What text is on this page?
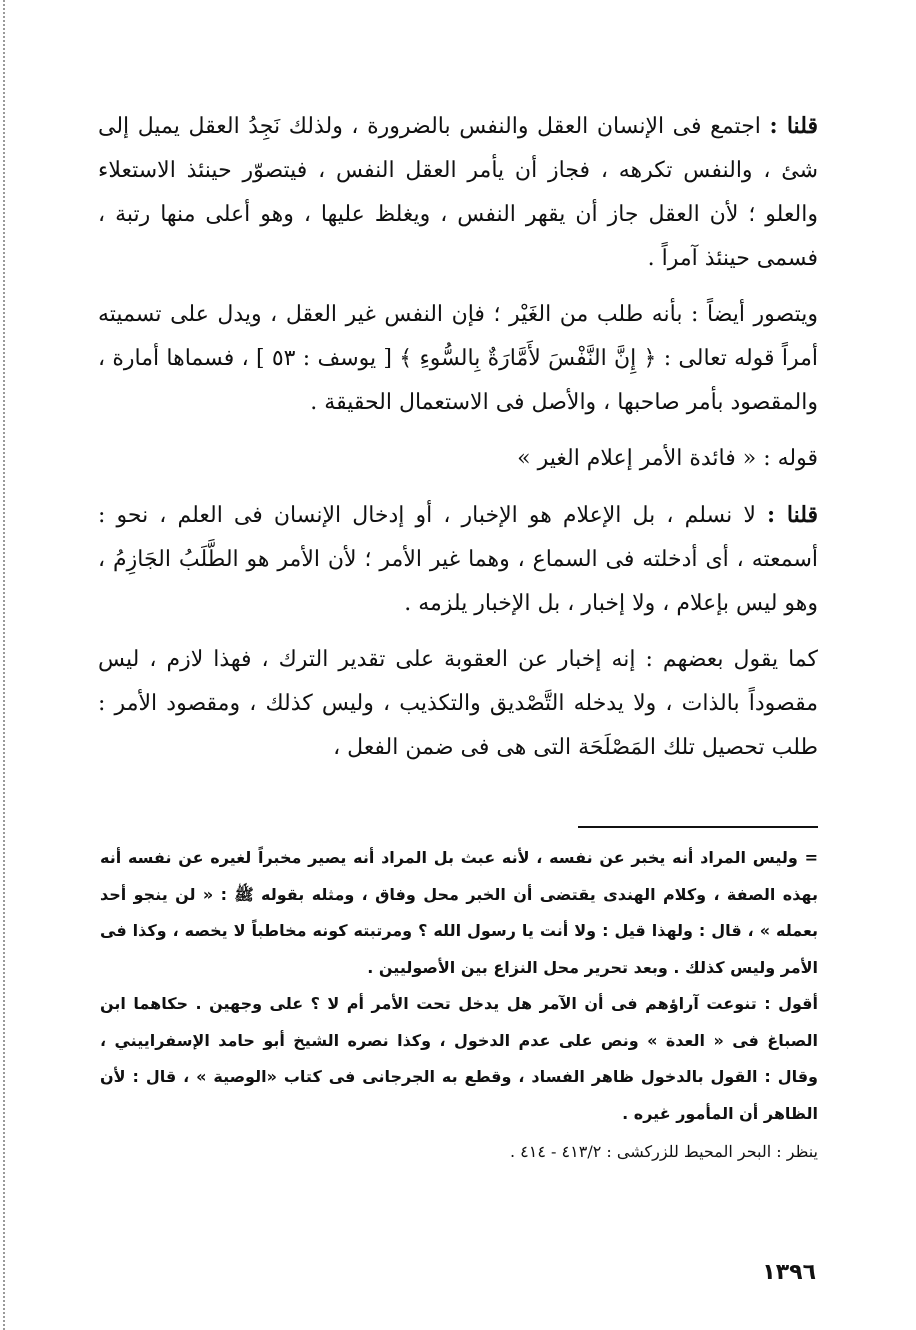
قلنا : اجتمع فى الإنسان العقل والنفس بالضرورة ، ولذلك نَجِدُ العقل يميل إلى شئ ، والنفس تكرهه ، فجاز أن يأمر العقل النفس ، فيتصوّر حينئذ الاستعلاء والعلو ؛ لأن العقل جاز أن يقهر النفس ، ويغلظ عليها ، وهو أعلى منها رتبة ، فسمى حينئذ آمراً .

ويتصور أيضاً : بأنه طلب من الغَيْر ؛ فإن النفس غير العقل ، ويدل على تسميته أمراً قوله تعالى : ﴿ إِنَّ النَّفْسَ لأَمَّارَةٌ بِالسُّوءِ ﴾ [ يوسف : ٥٣ ] ، فسماها أمارة ، والمقصود بأمر صاحبها ، والأصل فى الاستعمال الحقيقة .

قوله : « فائدة الأمر إعلام الغير »

قلنا : لا نسلم ، بل الإعلام هو الإخبار ، أو إدخال الإنسان فى العلم ، نحو : أسمعته ، أى أدخلته فى السماع ، وهما غير الأمر ؛ لأن الأمر هو الطَّلَبُ الجَازِمُ ، وهو ليس بإعلام ، ولا إخبار ، بل الإخبار يلزمه .

كما يقول بعضهم : إنه إخبار عن العقوبة على تقدير الترك ، فهذا لازم ، ليس مقصوداً بالذات ، ولا يدخله التَّصْديق والتكذيب ، وليس كذلك ، ومقصود الأمر : طلب تحصيل تلك المَصْلَحَة التى هى فى ضمن الفعل ،

= وليس المراد أنه يخبر عن نفسه ، لأنه عبث بل المراد أنه يصير مخبراً لغيره عن نفسه أنه بهذه الصفة ، وكلام الهندى يقتضى أن الخبر محل وفاق ، ومثله بقوله ﷺ : « لن ينجو أحد بعمله » ، قال : ولهذا قيل : ولا أنت يا رسول الله ؟ ومرتبته كونه مخاطباً لا يخصه ، وكذا فى الأمر وليس كذلك . وبعد تحرير محل النزاع بين الأصوليين .

أقول : تنوعت آراؤهم فى أن الآمر هل يدخل تحت الأمر أم لا ؟ على وجهين . حكاهما ابن الصباغ فى « العدة » ونص على عدم الدخول ، وكذا نصره الشيخ أبو حامد الإسفراييني ، وقال : القول بالدخول ظاهر الفساد ، وقطع به الجرجانى فى كتاب «الوصية » ، قال : لأن الظاهر أن المأمور غيره .

ينظر : البحر المحيط للزركشى : ٤١٣/٢ - ٤١٤ .

١٣٩٦
